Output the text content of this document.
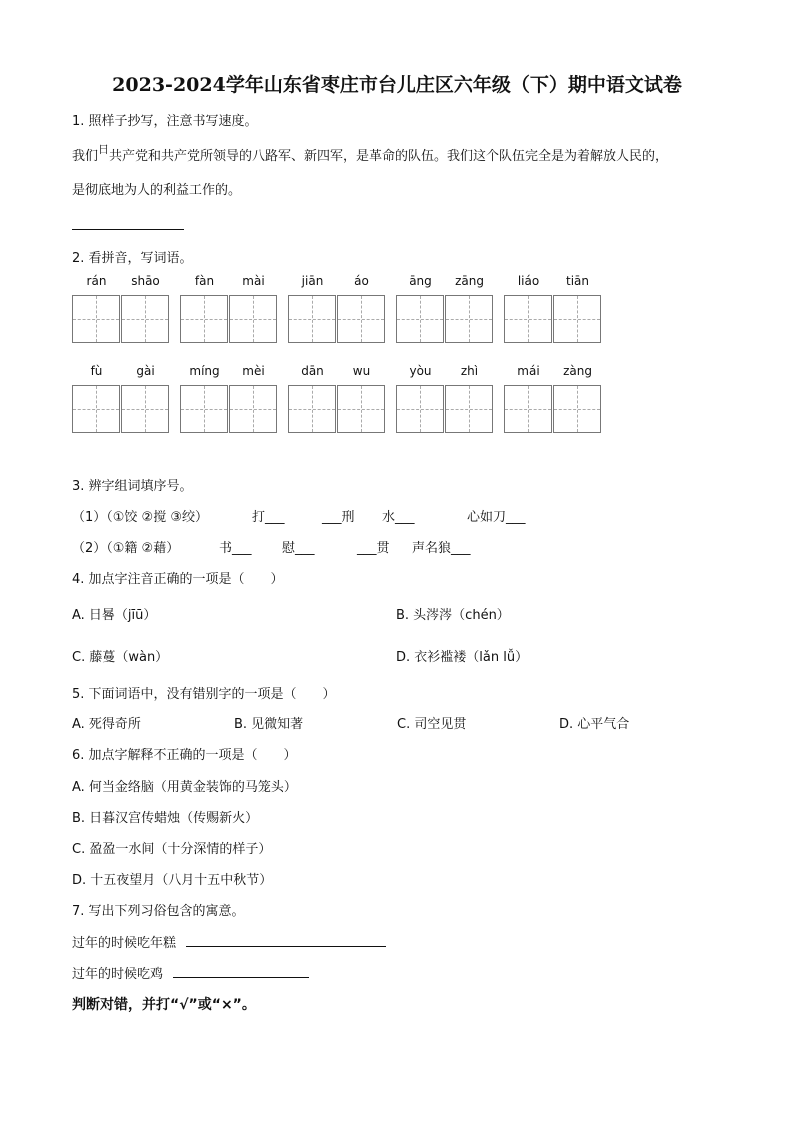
2023-2024学年山东省枣庄市台儿庄区六年级（下）期中语文试卷
1. 照样子抄写，注意书写速度。
我们$^日$共产党和共产党所领导的八路军、新四军，是革命的队伍。我们这个队伍完全是为着解放人民的，
是彻底地为人的利益工作的。
2. 看拼音，写词语。
rán	shāo	fàn	mài	jiān	áo	āng	zāng	liáo	tiān
fù	gài	míng	mèi	dān	wu	yòu	zhì	mái	zàng
3. 辨字组词填序号。
（1）（①饺 ②搅 ③绞）	打___	___刑 水___	心如刀___
（2）（①籍 ②藉）	书___ 慰___	___贯 声名狼___
4. 加点字注音正确的一项是（　　）
A. 日晷（jīū）	B. 头涔涔（chén）
C. 藤蔓（wàn）	D. 衣衫褴褛（lǎn lǚ）
5. 下面词语中，没有错别字的一项是（　　）
A. 死得奇所	B. 见微知著	C. 司空见贯	D. 心平气合
6. 加点字解释不正确的一项是（　　）
A. 何当金络脑（用黄金装饰的马笼头）
B. 日暮汉宫传蜡烛（传赐新火）
C. 盈盈一水间（十分深情的样子）
D. 十五夜望月（八月十五中秋节）
7. 写出下列习俗包含的寓意。
过年的时候吃年糕
过年的时候吃鸡
判断对错，并打“√”或“×”。
